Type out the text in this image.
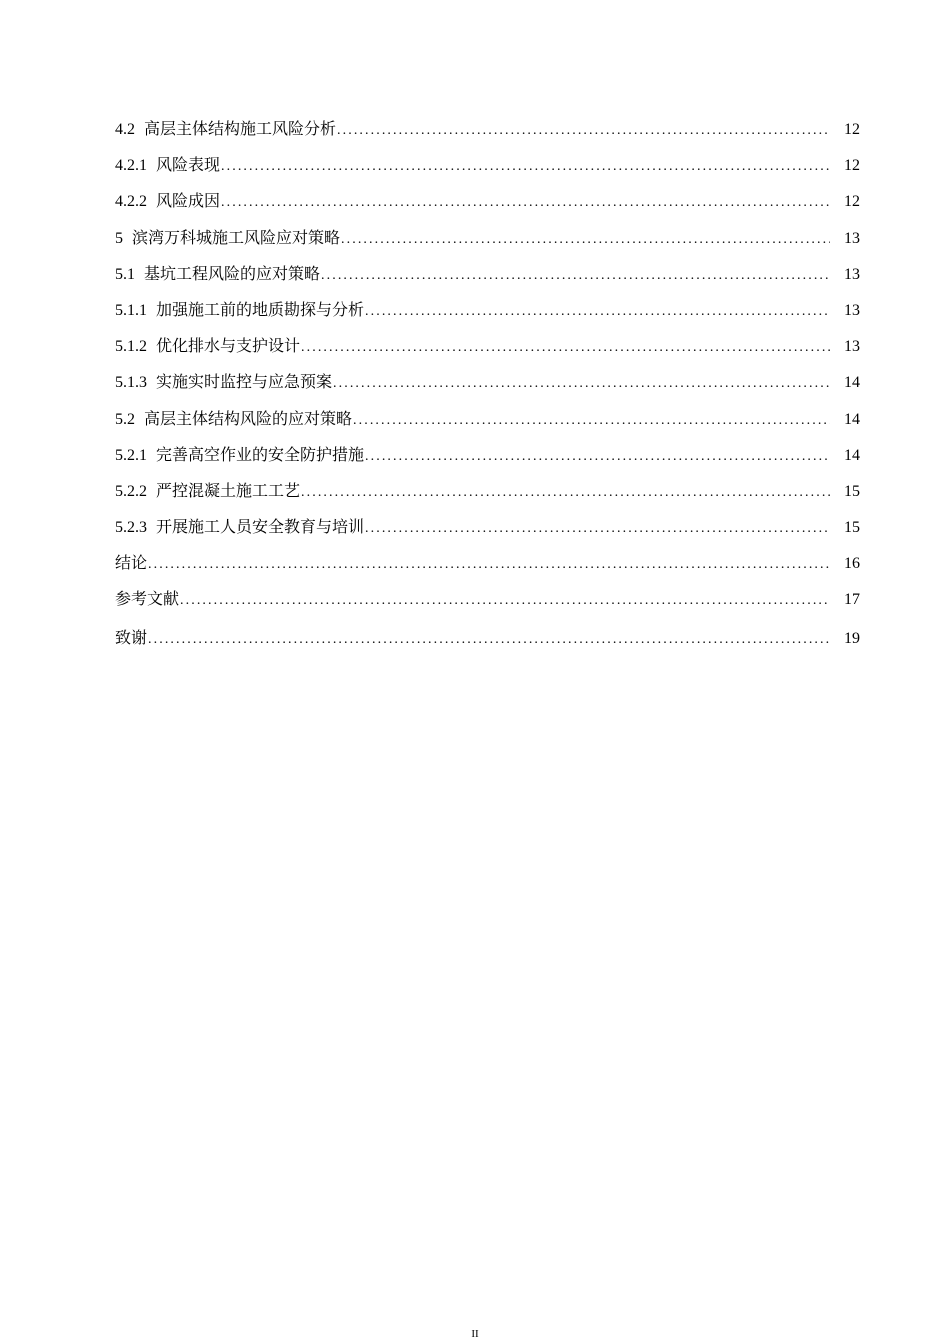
4.2 高层主体结构施工风险分析 .....	12
4.2.1 风险表现 .....	12
4.2.2 风险成因 .....	12
5 滨湾万科城施工风险应对策略 .....	13
5.1 基坑工程风险的应对策略 .....	13
5.1.1 加强施工前的地质勘探与分析 .....	13
5.1.2 优化排水与支护设计 .....	13
5.1.3 实施实时监控与应急预案 .....	14
5.2 高层主体结构风险的应对策略 .....	14
5.2.1 完善高空作业的安全防护措施 .....	14
5.2.2 严控混凝土施工工艺 .....	15
5.2.3 开展施工人员安全教育与培训 .....	15
结论 .....	16
参考文献 .....	17
致谢 .....	19
II
